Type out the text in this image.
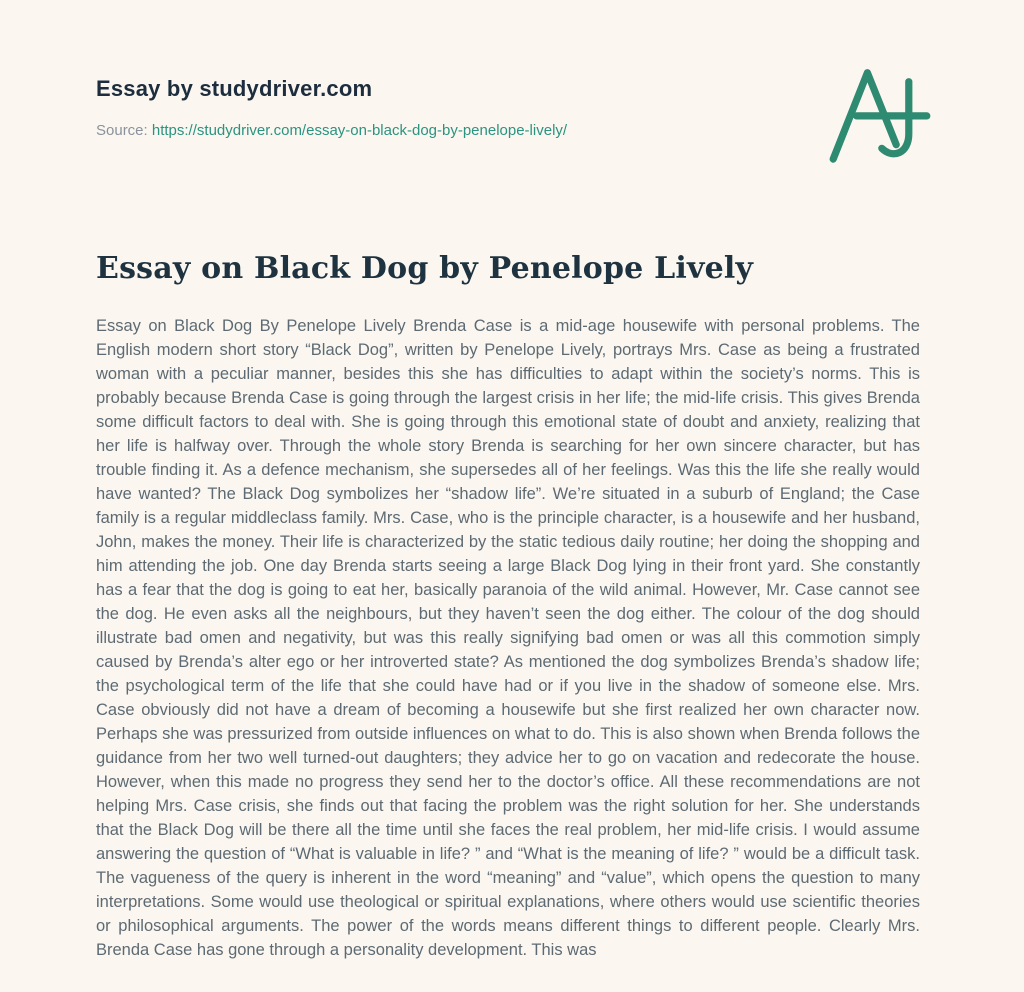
Essay by studydriver.com
Source: https://studydriver.com/essay-on-black-dog-by-penelope-lively/
Essay on Black Dog by Penelope Lively

Essay on Black Dog By Penelope Lively Brenda Case is a mid-age housewife with personal problems. The English modern short story “Black Dog”, written by Penelope Lively, portrays Mrs. Case as being a frustrated woman with a peculiar manner, besides this she has difficulties to adapt within the society’s norms. This is probably because Brenda Case is going through the largest crisis in her life; the mid-life crisis. This gives Brenda some difficult factors to deal with. She is going through this emotional state of doubt and anxiety, realizing that her life is halfway over. Through the whole story Brenda is searching for her own sincere character, but has trouble finding it. As a defence mechanism, she supersedes all of her feelings. Was this the life she really would have wanted? The Black Dog symbolizes her “shadow life”. We’re situated in a suburb of England; the Case family is a regular middleclass family. Mrs. Case, who is the principle character, is a housewife and her husband, John, makes the money. Their life is characterized by the static tedious daily routine; her doing the shopping and him attending the job. One day Brenda starts seeing a large Black Dog lying in their front yard. She constantly has a fear that the dog is going to eat her, basically paranoia of the wild animal. However, Mr. Case cannot see the dog. He even asks all the neighbours, but they haven’t seen the dog either. The colour of the dog should illustrate bad omen and negativity, but was this really signifying bad omen or was all this commotion simply caused by Brenda’s alter ego or her introverted state? As mentioned the dog symbolizes Brenda’s shadow life; the psychological term of the life that she could have had or if you live in the shadow of someone else. Mrs. Case obviously did not have a dream of becoming a housewife but she first realized her own character now. Perhaps she was pressurized from outside influences on what to do. This is also shown when Brenda follows the guidance from her two well turned-out daughters; they advice her to go on vacation and redecorate the house. However, when this made no progress they send her to the doctor’s office. All these recommendations are not helping Mrs. Case crisis, she finds out that facing the problem was the right solution for her. She understands that the Black Dog will be there all the time until she faces the real problem, her mid-life crisis. I would assume answering the question of “What is valuable in life? ” and “What is the meaning of life? ” would be a difficult task. The vagueness of the query is inherent in the word “meaning” and “value”, which opens the question to many interpretations. Some would use theological or spiritual explanations, where others would use scientific theories or philosophical arguments. The power of the words means different things to different people. Clearly Mrs. Brenda Case has gone through a personality development. This was
